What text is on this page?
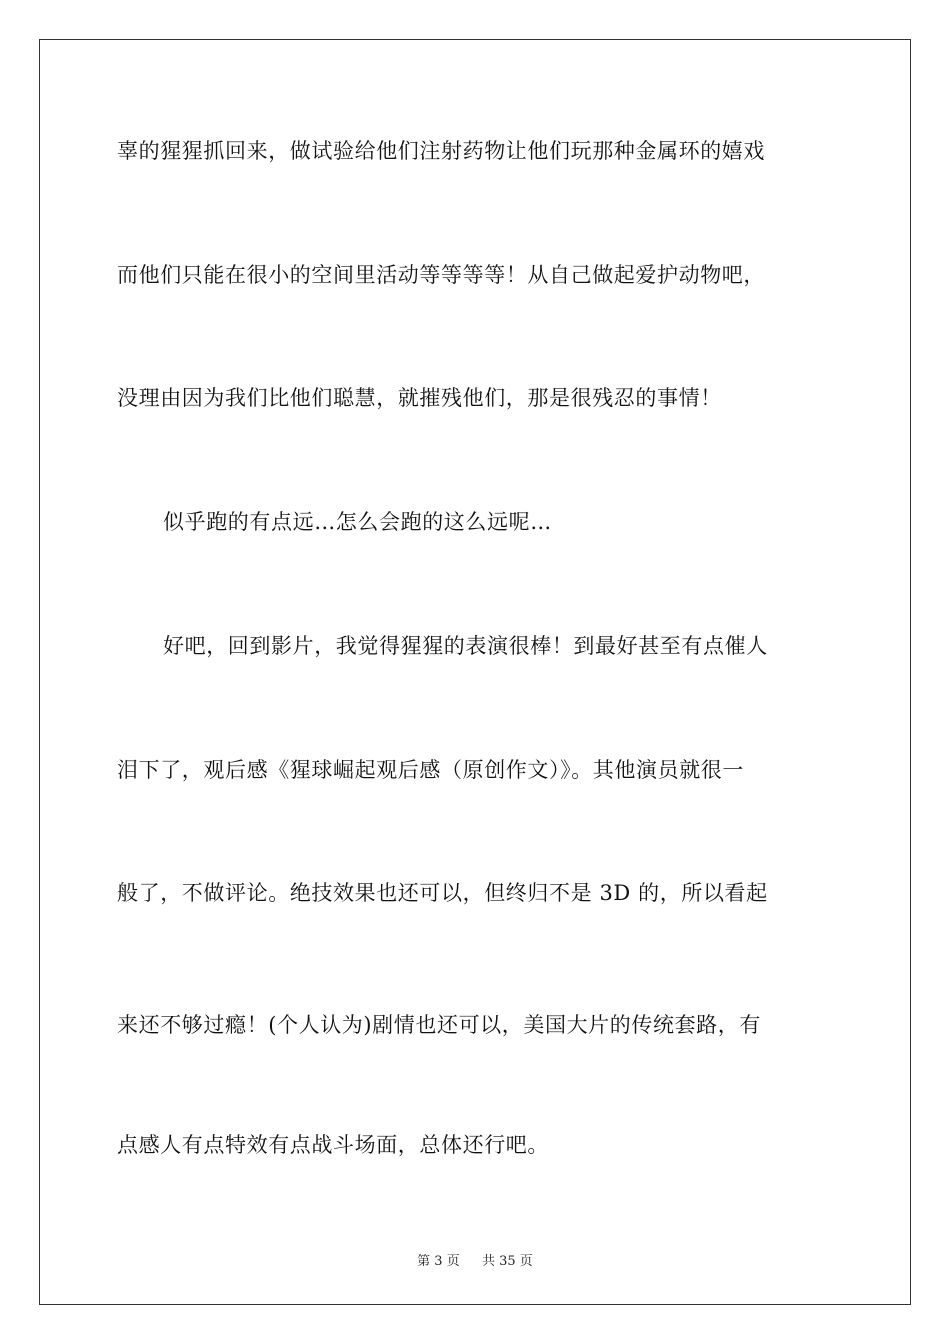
辜的猩猩抓回来，做试验给他们注射药物让他们玩那种金属环的嬉戏
而他们只能在很小的空间里活动等等等等！从自己做起爱护动物吧，
没理由因为我们比他们聪慧，就摧残他们，那是很残忍的事情！
似乎跑的有点远…怎么会跑的这么远呢…
好吧，回到影片，我觉得猩猩的表演很棒！到最好甚至有点催人
泪下了，观后感《猩球崛起观后感（原创作文）》。其他演员就很一
般了，不做评论。绝技效果也还可以，但终归不是 3D 的，所以看起
来还不够过瘾！(个人认为)剧情也还可以，美国大片的传统套路，有
点感人有点特效有点战斗场面，总体还行吧。
第 3 页 共 35 页
